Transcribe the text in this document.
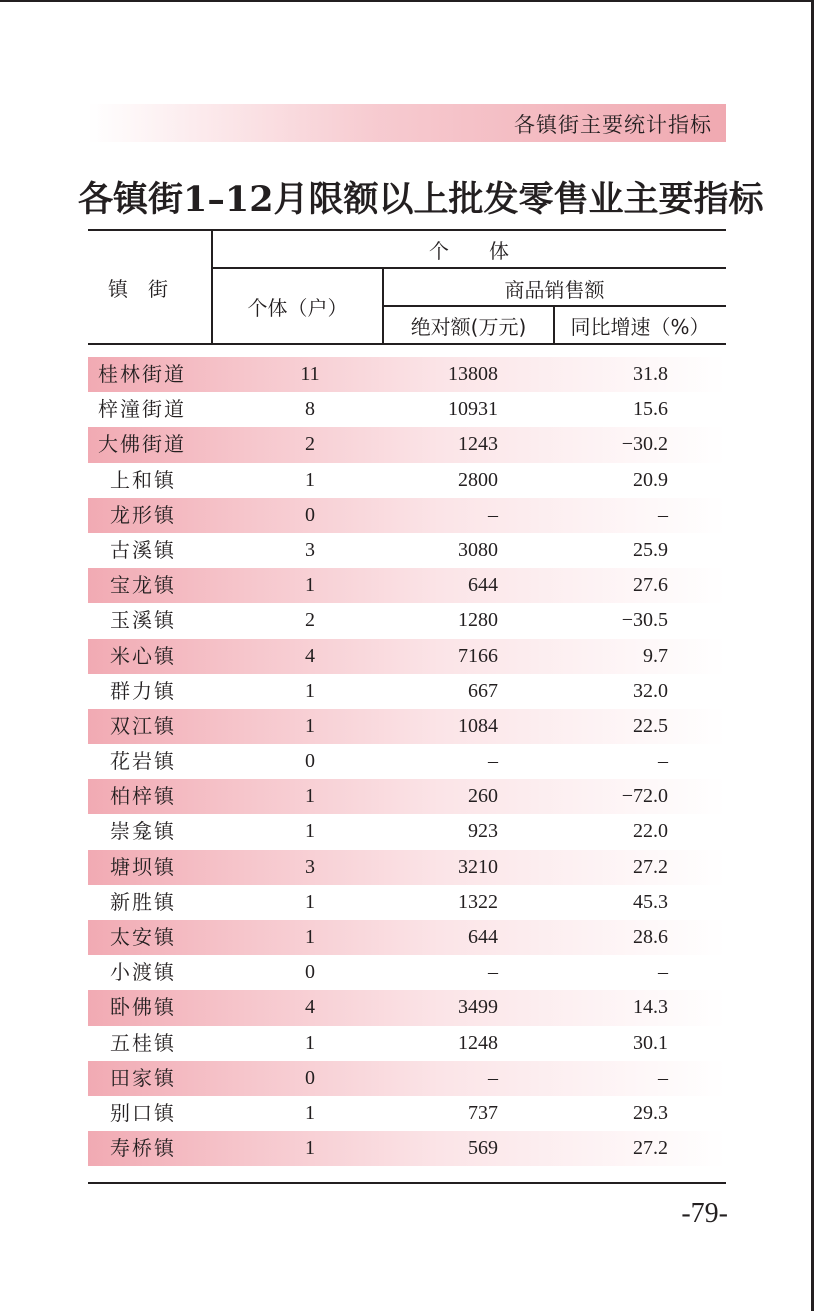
各镇街主要统计指标
各镇街1–12月限额以上批发零售业主要指标
镇　街
个　　体
个体（户）
商品销售额
绝对额(万元)	同比增速（%）
桂林街道	11	13808	31.8
梓潼街道	8	10931	15.6
大佛街道	2	1243	−30.2
上和镇	1	2800	20.9
龙形镇	0	–	–
古溪镇	3	3080	25.9
宝龙镇	1	644	27.6
玉溪镇	2	1280	−30.5
米心镇	4	7166	9.7
群力镇	1	667	32.0
双江镇	1	1084	22.5
花岩镇	0	–	–
柏梓镇	1	260	−72.0
崇龛镇	1	923	22.0
塘坝镇	3	3210	27.2
新胜镇	1	1322	45.3
太安镇	1	644	28.6
小渡镇	0	–	–
卧佛镇	4	3499	14.3
五桂镇	1	1248	30.1
田家镇	0	–	–
别口镇	1	737	29.3
寿桥镇	1	569	27.2
-79-
